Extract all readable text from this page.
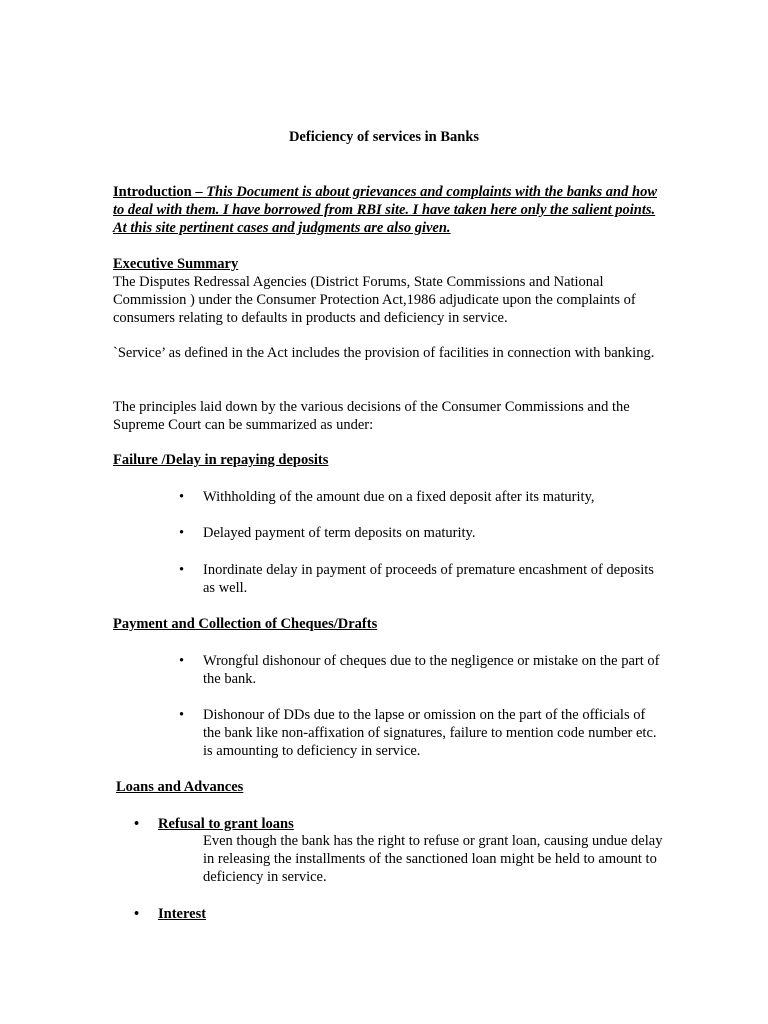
Deficiency of services in Banks
Introduction – This Document is about grievances and complaints with the banks and how to deal with them. I have borrowed from RBI site. I have taken here only the salient points. At this site pertinent cases and judgments are also given.
Executive Summary
The Disputes Redressal Agencies (District Forums, State Commissions and National Commission ) under the Consumer Protection Act,1986 adjudicate upon the complaints of consumers relating to defaults in products and deficiency in service.
`Service’ as defined in the Act includes the provision of facilities in connection with banking.
The principles laid down by the various decisions of the Consumer Commissions and the Supreme Court can be summarized as under:
Failure /Delay in repaying deposits
• Withholding of the amount due on a fixed deposit after its maturity,
• Delayed payment of term deposits on maturity.
• Inordinate delay in payment of proceeds of premature encashment of deposits as well.
Payment and Collection of Cheques/Drafts
• Wrongful dishonour of cheques due to the negligence or mistake on the part of the bank.
• Dishonour of DDs due to the lapse or omission on the part of the officials of the bank like non-affixation of signatures, failure to mention code number etc. is amounting to deficiency in service.
Loans and Advances
• Refusal to grant loans
Even though the bank has the right to refuse or grant loan, causing undue delay in releasing the installments of the sanctioned loan might be held to amount to deficiency in service.
• Interest
